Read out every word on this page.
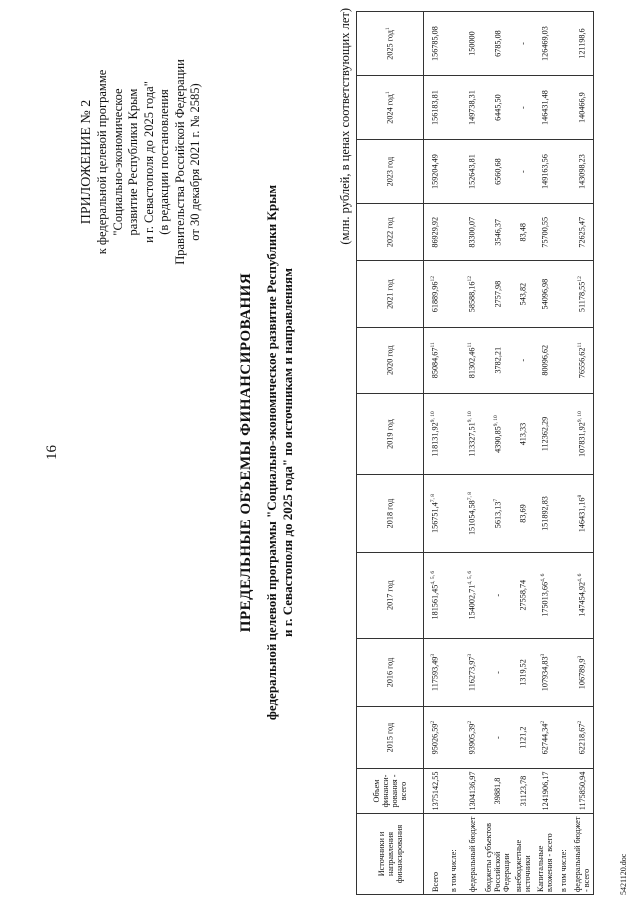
16
ПРИЛОЖЕНИЕ № 2 к федеральной целевой программе "Социально-экономическое развитие Республики Крым и г. Севастополя до 2025 года" (в редакции постановления Правительства Российской Федерации от 30 декабря 2021 г. № 2585)
ПРЕДЕЛЬНЫЕ ОБЪЕМЫ ФИНАНСИРОВАНИЯ федеральной целевой программы "Социально-экономическое развитие Республики Крым и г. Севастополя до 2025 года" по источникам и направлениям
(млн. рублей, в ценах соответствующих лет)
Источники и направления финансирования	Объем финанси-рования - всего	2015 год	2016 год	2017 год	2018 год	2019 год	2020 год	2021 год	2022 год	2023 год	2024 год$^1$	2025 год$^1$
Всего	1375142,55	95026,59$^2$	117593,49$^3$	181561,45$^{4, 5, 6}$	156751,4$^{7, 8}$	118131,92$^{9, 10}$	85084,67$^{11}$	61889,96$^{12}$	86929,92	159204,49	156183,81	156785,08
в том числе:												
федеральный бюджет	1304136,97	93905,39$^2$	116273,97$^3$	154002,71$^{4, 5, 6}$	151054,58$^{7, 8}$	113327,51$^{9, 10}$	81302,46$^{11}$	58588,16$^{12}$	83300,07	152643,81	149738,31	150000
бюджеты субъектов Российской Федерации	39881,8	-	-	-	5613,13$^7$	4390,85$^{9, 10}$	3782,21	2757,98	3546,37	6560,68	6445,50	6785,08
внебюджетные источники	31123,78	1121,2	1319,52	27558,74	83,69	413,33	-	543,82	83,48	-	-	-
Капитальные вложения - всего	1241906,17	62744,34$^2$	107934,83$^3$	175013,66$^{4, 6}$	151892,83	112362,29	80096,62	54096,98	75700,55	149163,56	146431,48	126469,03
в том числе:												
федеральный бюджет - всего	1175850,94	62218,67$^2$	106789,9$^3$	147454,92$^{4, 6}$	146431,16$^8$	107831,92$^{9, 10}$	76556,62$^{11}$	51178,55$^{12}$	72625,47	143098,23	140466,9	121198,6
5421120.doc
